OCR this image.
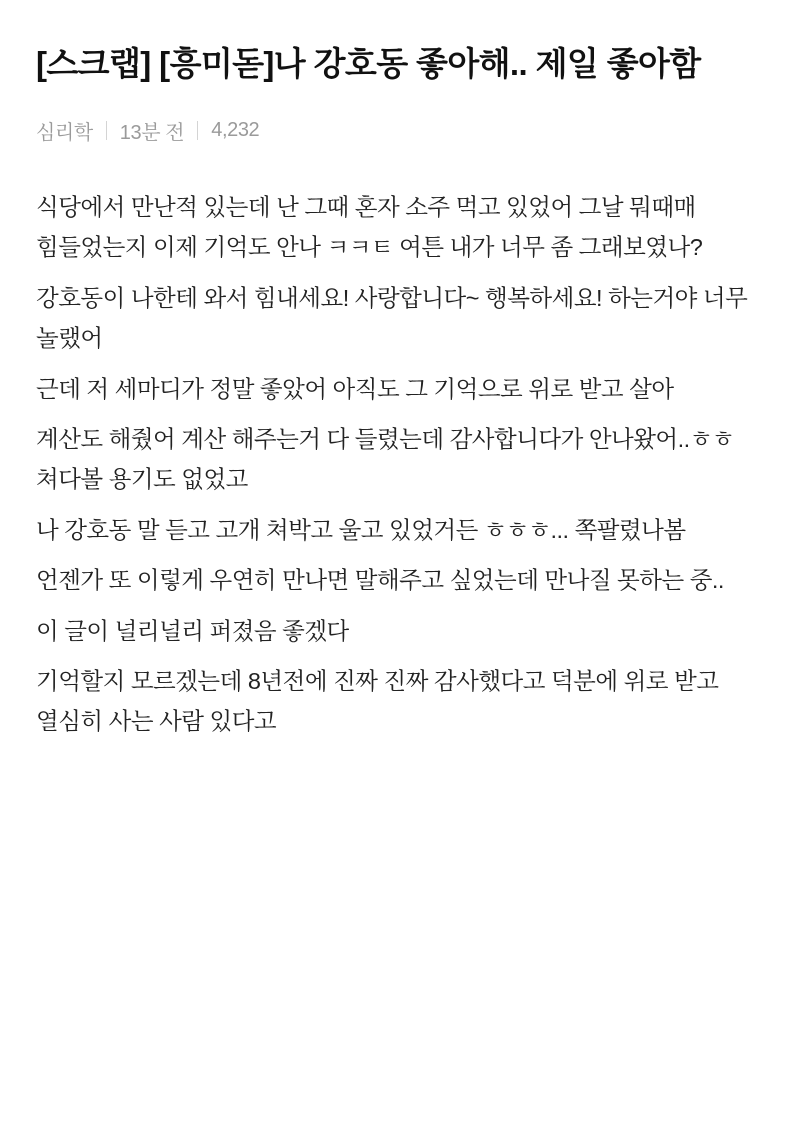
[스크랩] [흥미돋]나 강호동 좋아해.. 제일 좋아함
심리학 13분 전 4,232

식당에서 만난적 있는데 난 그때 혼자 소주 먹고 있었어 그날 뭐때매 힘들었는지 이제 기억도 안나 ㅋㅋㅌ 여튼 내가 너무 좀 그래보였나?

강호동이 나한테 와서 힘내세요! 사랑합니다~ 행복하세요! 하는거야 너무 놀랬어

근데 저 세마디가 정말 좋았어 아직도 그 기억으로 위로 받고 살아

계산도 해줬어 계산 해주는거 다 들렸는데 감사합니다가 안나왔어..ㅎㅎ 쳐다볼 용기도 없었고

나 강호동 말 듣고 고개 쳐박고 울고 있었거든 ㅎㅎㅎ... 쪽팔렸나봄

언젠가 또 이렇게 우연히 만나면 말해주고 싶었는데 만나질 못하는 중..

이 글이 널리널리 퍼졌음 좋겠다

기억할지 모르겠는데 8년전에 진짜 진짜 감사했다고 덕분에 위로 받고 열심히 사는 사람 있다고
